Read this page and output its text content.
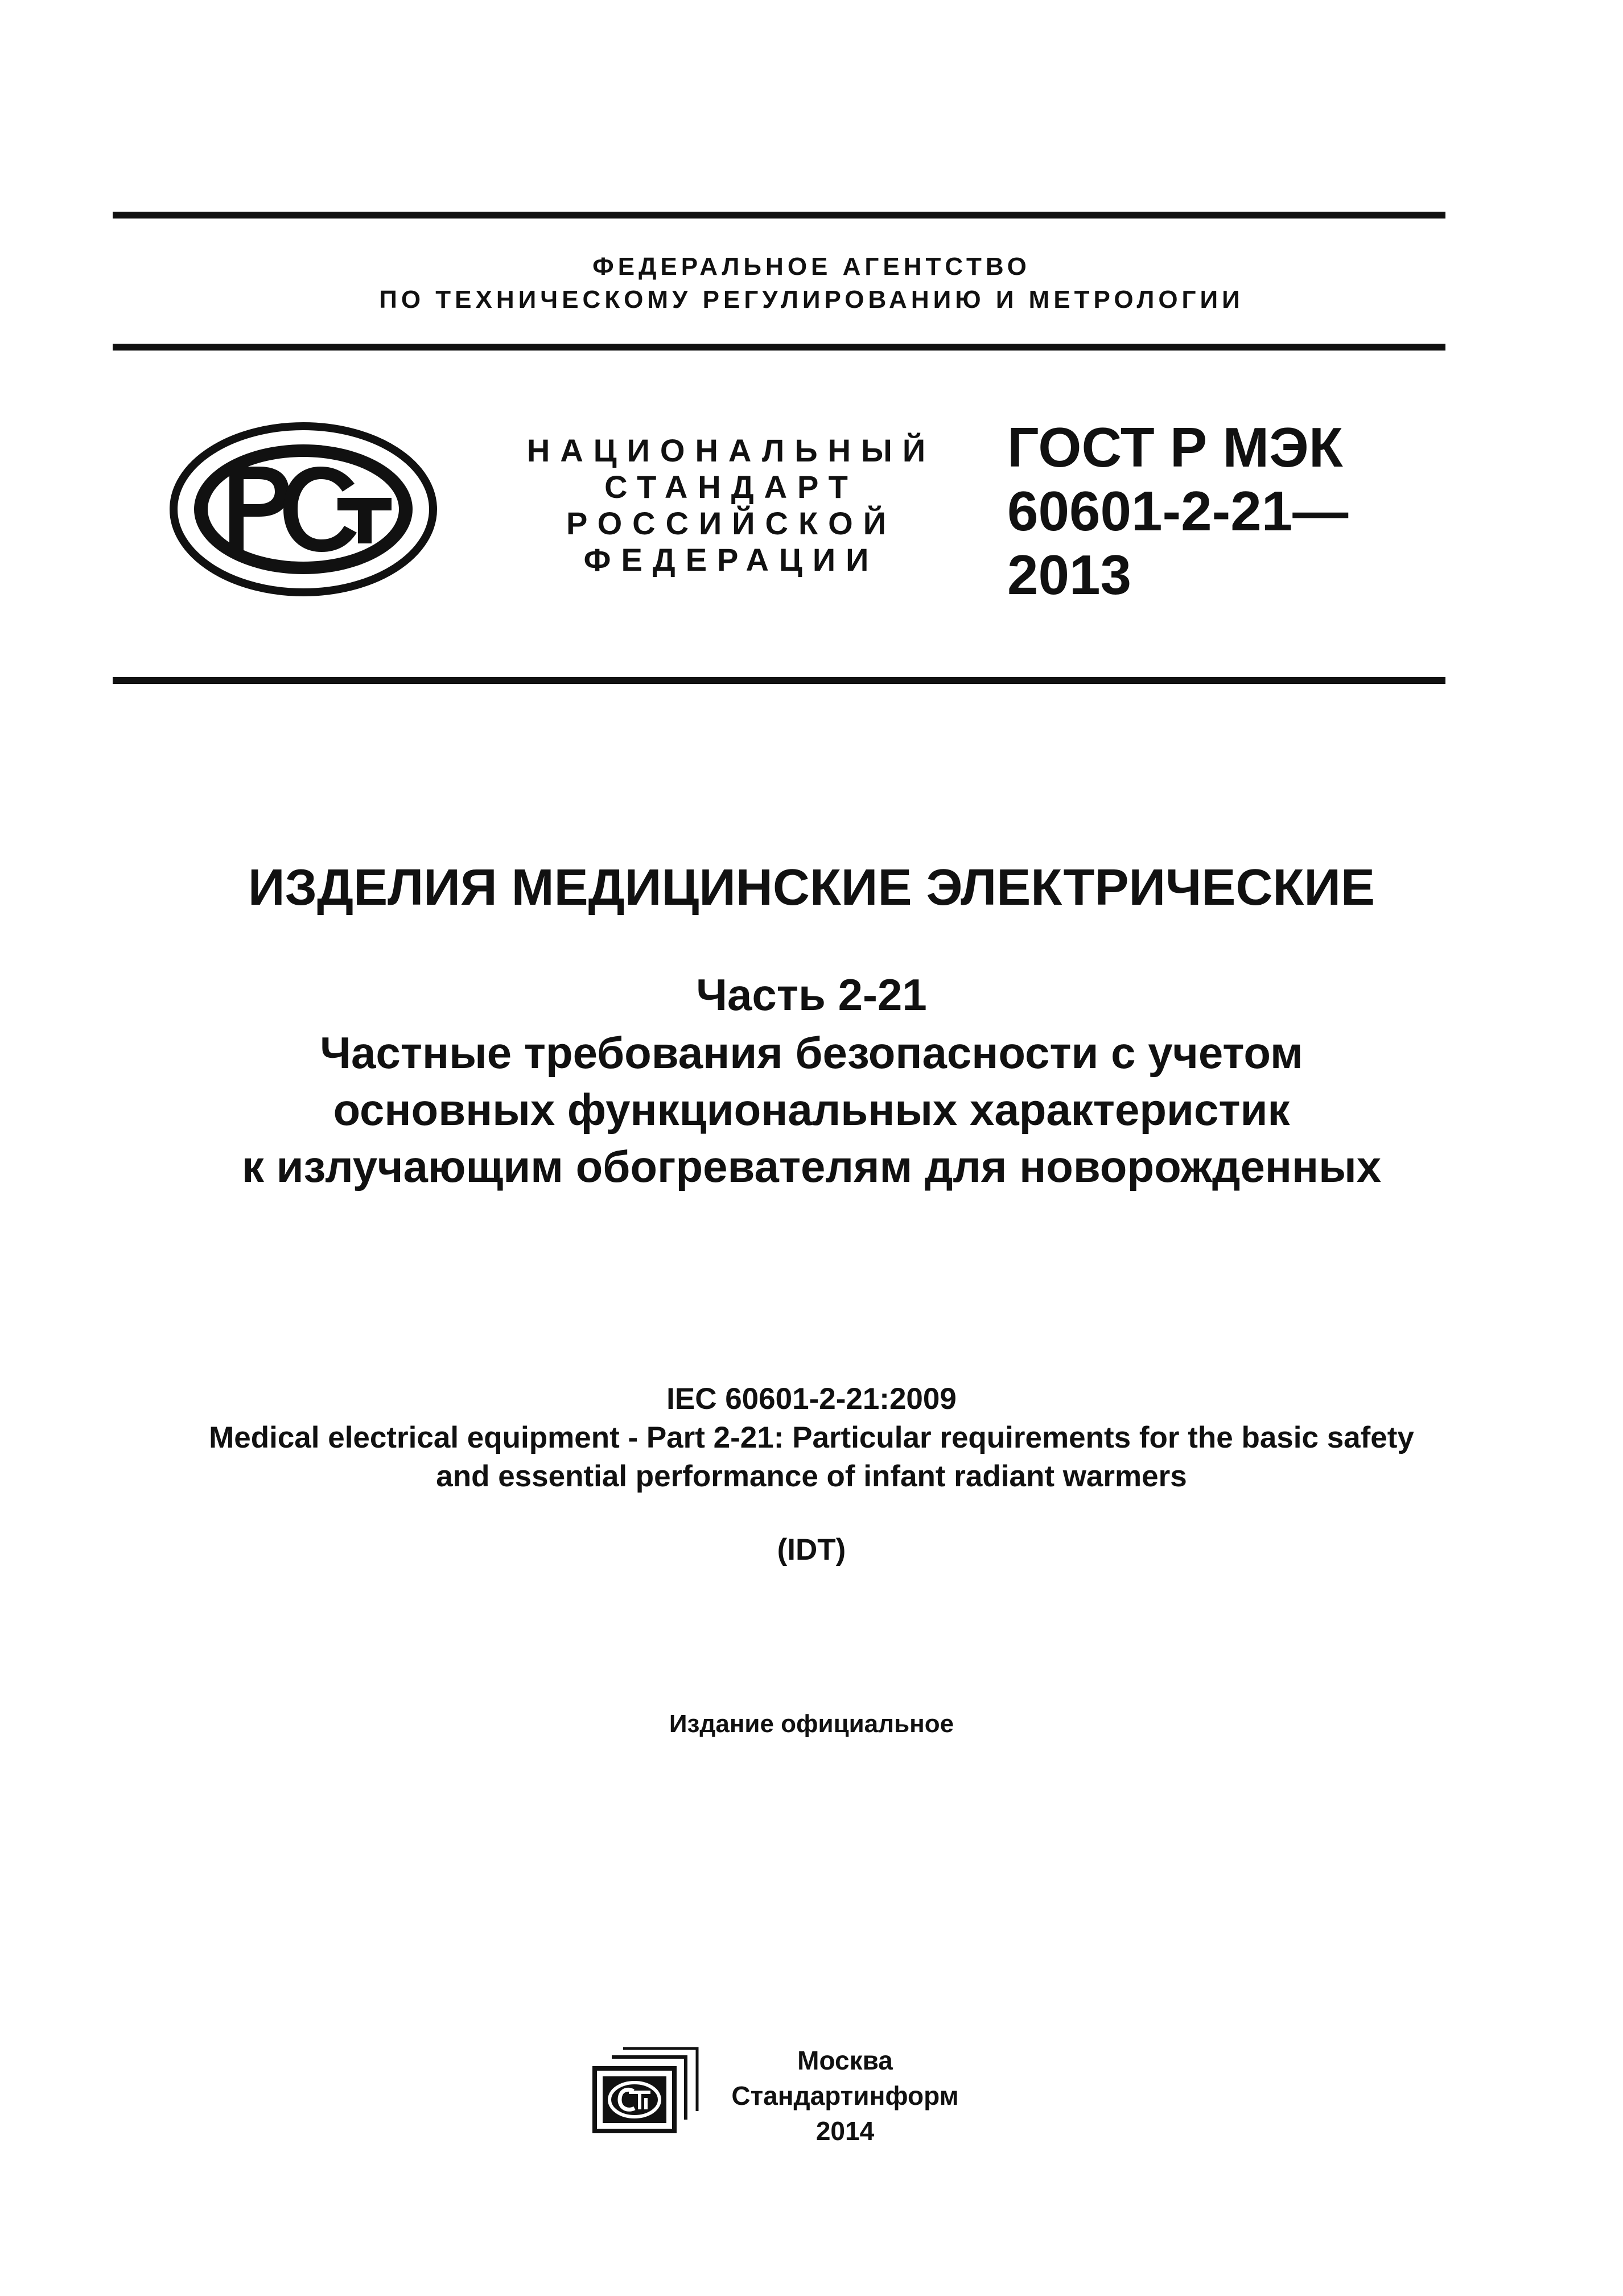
ФЕДЕРАЛЬНОЕ АГЕНТСТВО
ПО ТЕХНИЧЕСКОМУ РЕГУЛИРОВАНИЮ И МЕТРОЛОГИИ
НАЦИОНАЛЬНЫЙ
СТАНДАРТ
РОССИЙСКОЙ
ФЕДЕРАЦИИ
ГОСТ Р МЭК
60601-2-21—
2013
ИЗДЕЛИЯ МЕДИЦИНСКИЕ ЭЛЕКТРИЧЕСКИЕ
Часть 2-21
Частные требования безопасности с учетом
основных функциональных характеристик
к излучающим обогревателям для новорожденных
IEC 60601-2-21:2009
Medical electrical equipment - Part 2-21: Particular requirements for the basic safety
and essential performance of infant radiant warmers
(IDT)
Издание официальное
Москва
Стандартинформ
2014
